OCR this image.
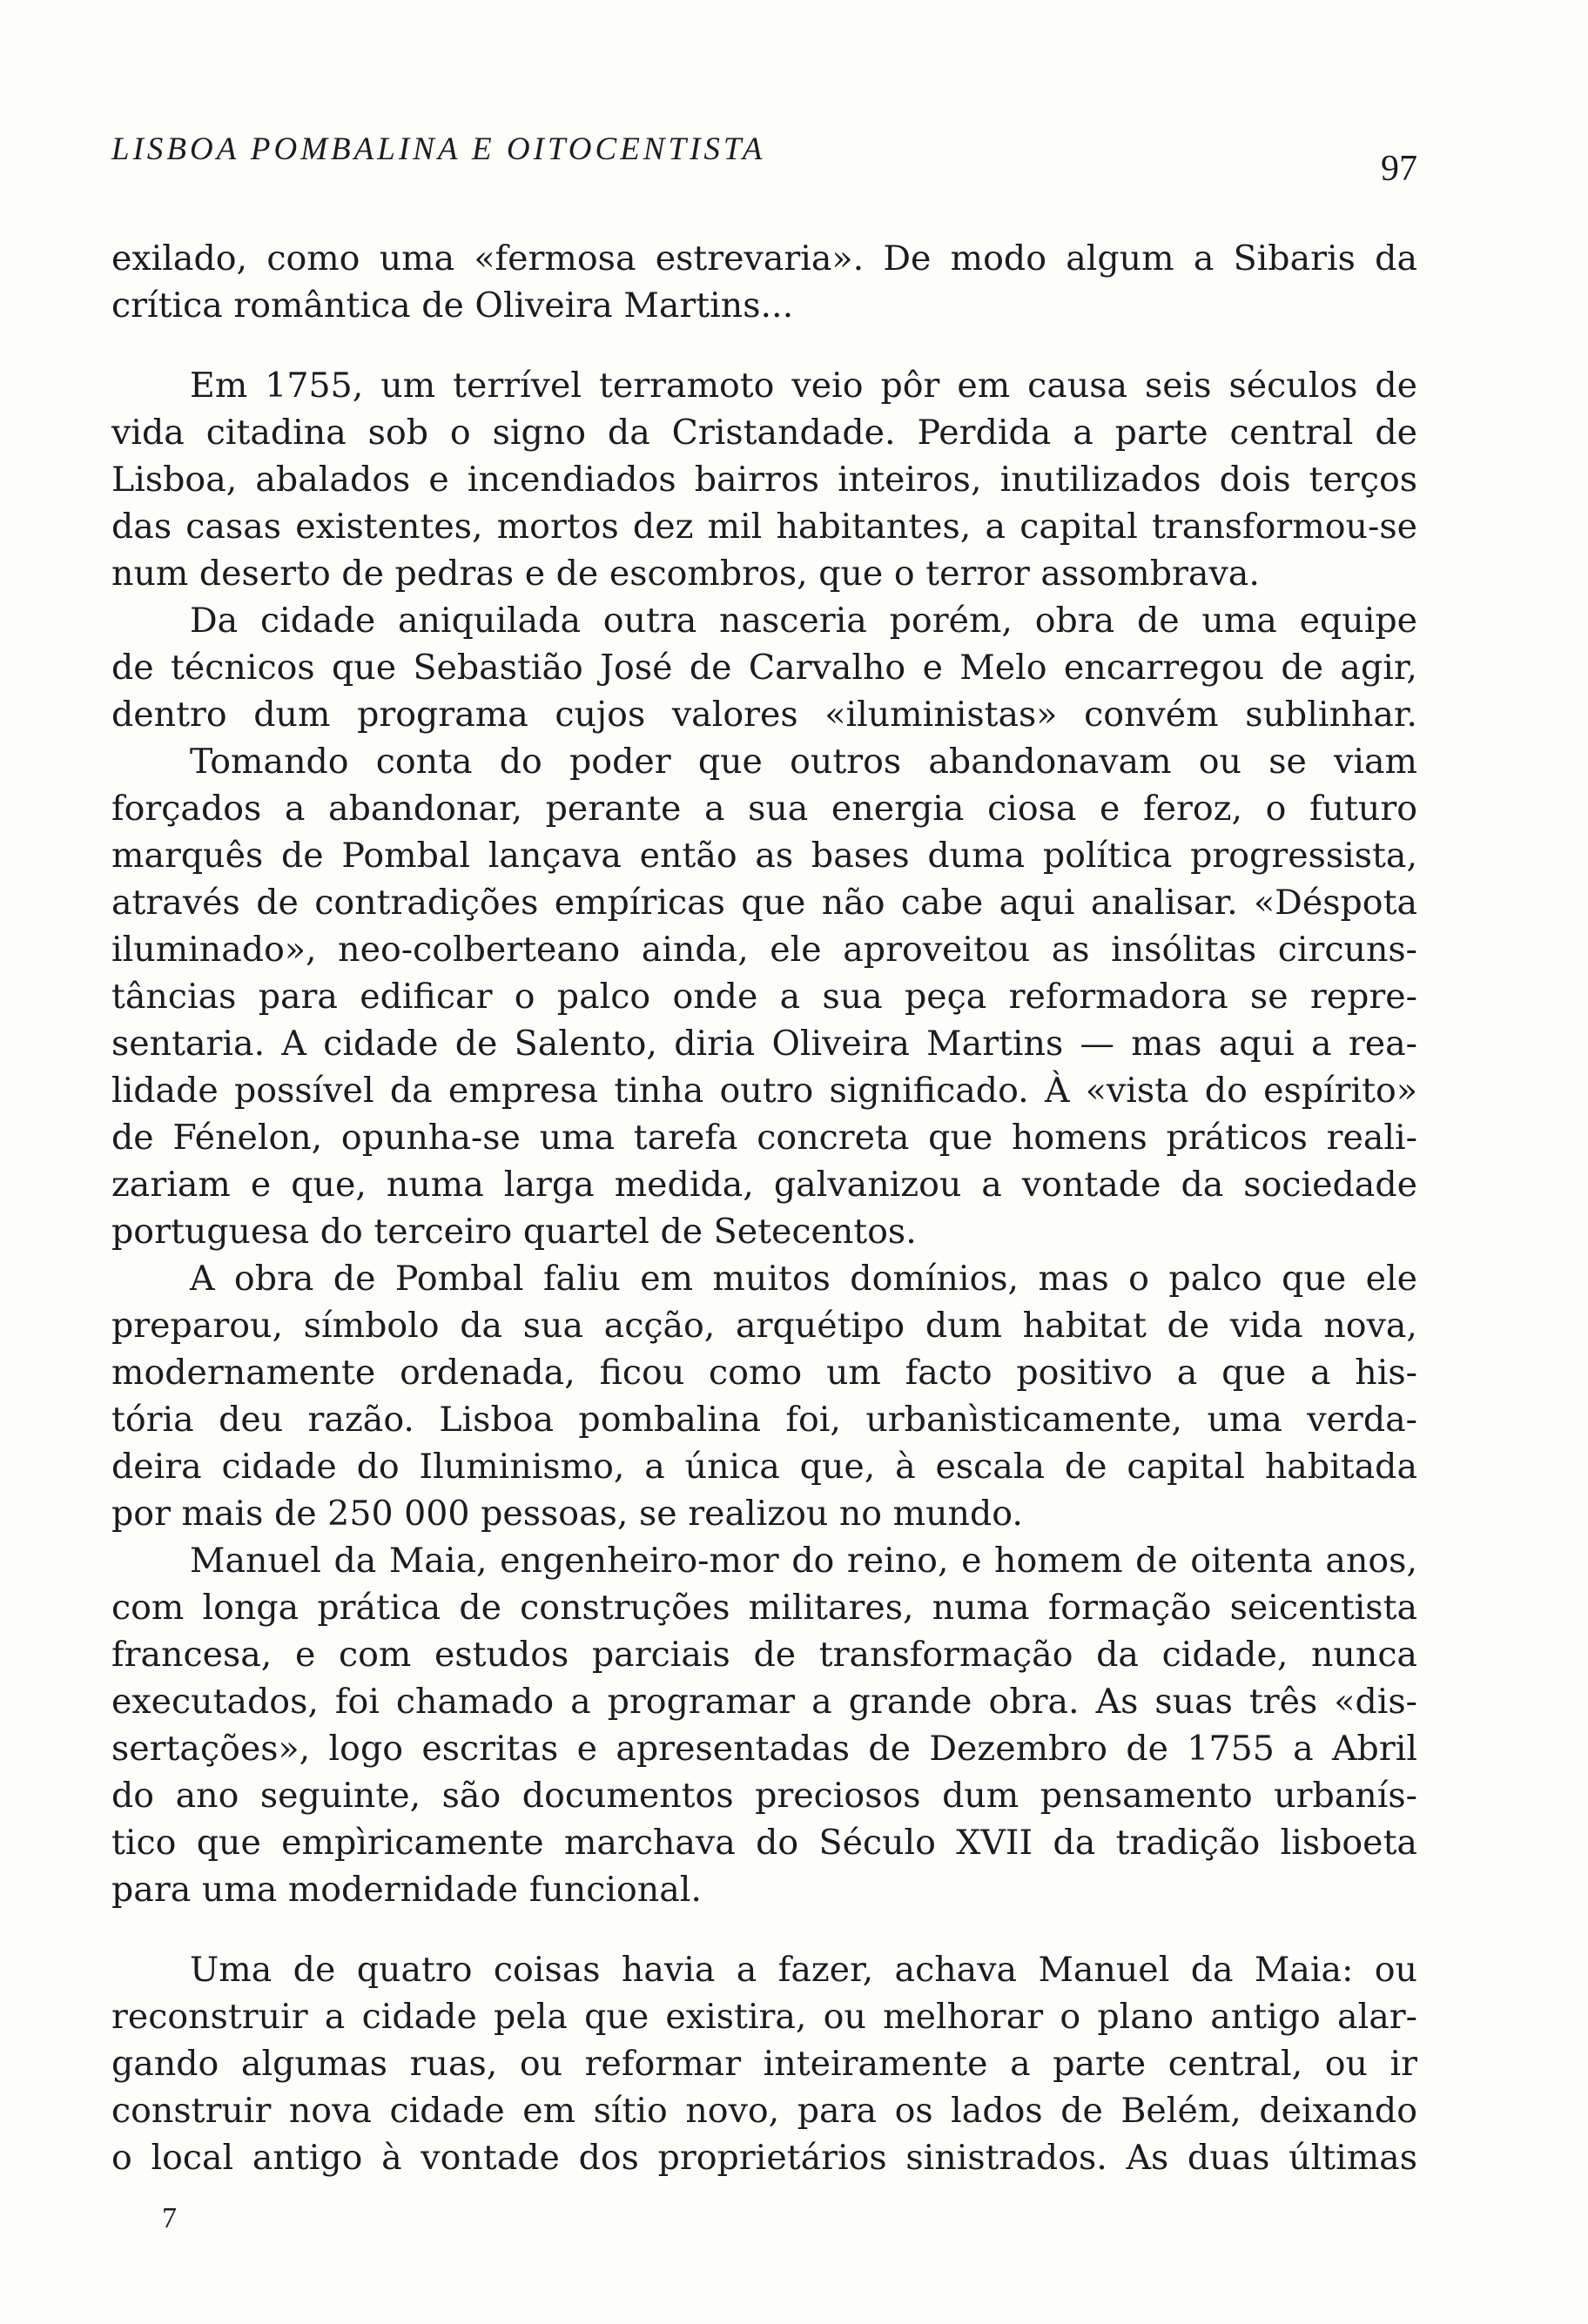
LISBOA POMBALINA E OITOCENTISTA	97
exilado, como uma «fermosa estrevaria». De modo algum a Sibaris da
crítica romântica de Oliveira Martins...
Em 1755, um terrível terramoto veio pôr em causa seis séculos de
vida citadina sob o signo da Cristandade. Perdida a parte central de
Lisboa, abalados e incendiados bairros inteiros, inutilizados dois terços
das casas existentes, mortos dez mil habitantes, a capital transformou-se
num deserto de pedras e de escombros, que o terror assombrava.
Da cidade aniquilada outra nasceria porém, obra de uma equipe
de técnicos que Sebastião José de Carvalho e Melo encarregou de agir,
dentro dum programa cujos valores «iluministas» convém sublinhar.
Tomando conta do poder que outros abandonavam ou se viam
forçados a abandonar, perante a sua energia ciosa e feroz, o futuro
marquês de Pombal lançava então as bases duma política progressista,
através de contradições empíricas que não cabe aqui analisar. «Déspota
iluminado», neo-colberteano ainda, ele aproveitou as insólitas circuns-
tâncias para edificar o palco onde a sua peça reformadora se repre-
sentaria. A cidade de Salento, diria Oliveira Martins — mas aqui a rea-
lidade possível da empresa tinha outro significado. À «vista do espírito»
de Fénelon, opunha-se uma tarefa concreta que homens práticos reali-
zariam e que, numa larga medida, galvanizou a vontade da sociedade
portuguesa do terceiro quartel de Setecentos.
A obra de Pombal faliu em muitos domínios, mas o palco que ele
preparou, símbolo da sua acção, arquétipo dum habitat de vida nova,
modernamente ordenada, ficou como um facto positivo a que a his-
tória deu razão. Lisboa pombalina foi, urbanìsticamente, uma verda-
deira cidade do Iluminismo, a única que, à escala de capital habitada
por mais de 250 000 pessoas, se realizou no mundo.
Manuel da Maia, engenheiro-mor do reino, e homem de oitenta anos,
com longa prática de construções militares, numa formação seicentista
francesa, e com estudos parciais de transformação da cidade, nunca
executados, foi chamado a programar a grande obra. As suas três «dis-
sertações», logo escritas e apresentadas de Dezembro de 1755 a Abril
do ano seguinte, são documentos preciosos dum pensamento urbanís-
tico que empìricamente marchava do Século XVII da tradição lisboeta
para uma modernidade funcional.
Uma de quatro coisas havia a fazer, achava Manuel da Maia: ou
reconstruir a cidade pela que existira, ou melhorar o plano antigo alar-
gando algumas ruas, ou reformar inteiramente a parte central, ou ir
construir nova cidade em sítio novo, para os lados de Belém, deixando
o local antigo à vontade dos proprietários sinistrados. As duas últimas
7
